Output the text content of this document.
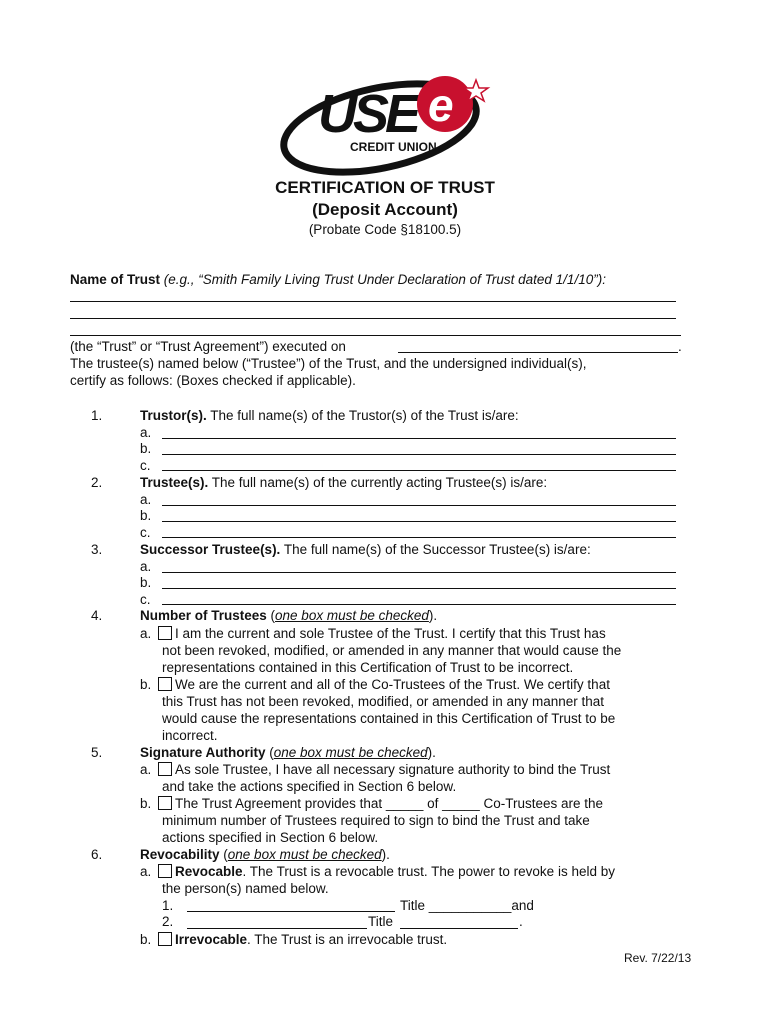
USE e
CREDIT UNION
CERTIFICATION OF TRUST
(Deposit Account)
(Probate Code §18100.5)
Name of Trust (e.g., “Smith Family Living Trust Under Declaration of Trust dated 1/1/10”):
(the “Trust” or “Trust Agreement”) executed on	.
The trustee(s) named below (“Trustee”) of the Trust, and the undersigned individual(s),
certify as follows: (Boxes checked if applicable).
1.	Trustor(s). The full name(s) of the Trustor(s) of the Trust is/are:
a.
b.
c.
2.	Trustee(s). The full name(s) of the currently acting Trustee(s) is/are:
a.
b.
c.
3.	Successor Trustee(s). The full name(s) of the Successor Trustee(s) is/are:
a.
b.
c.
4.	Number of Trustees (one box must be checked).
a. I am the current and sole Trustee of the Trust. I certify that this Trust has
not been revoked, modified, or amended in any manner that would cause the
representations contained in this Certification of Trust to be incorrect.
b. We are the current and all of the Co-Trustees of the Trust. We certify that
this Trust has not been revoked, modified, or amended in any manner that
would cause the representations contained in this Certification of Trust to be
incorrect.
5.	Signature Authority (one box must be checked).
a. As sole Trustee, I have all necessary signature authority to bind the Trust
and take the actions specified in Section 6 below.
b. The Trust Agreement provides that _____ of _____ Co-Trustees are the
minimum number of Trustees required to sign to bind the Trust and take
actions specified in Section 6 below.
6.	Revocability (one box must be checked).
a. Revocable. The Trust is a revocable trust. The power to revoke is held by
the person(s) named below.
1.	Title ___________and
2.	Title	.
b. Irrevocable. The Trust is an irrevocable trust.
Rev. 7/22/13
